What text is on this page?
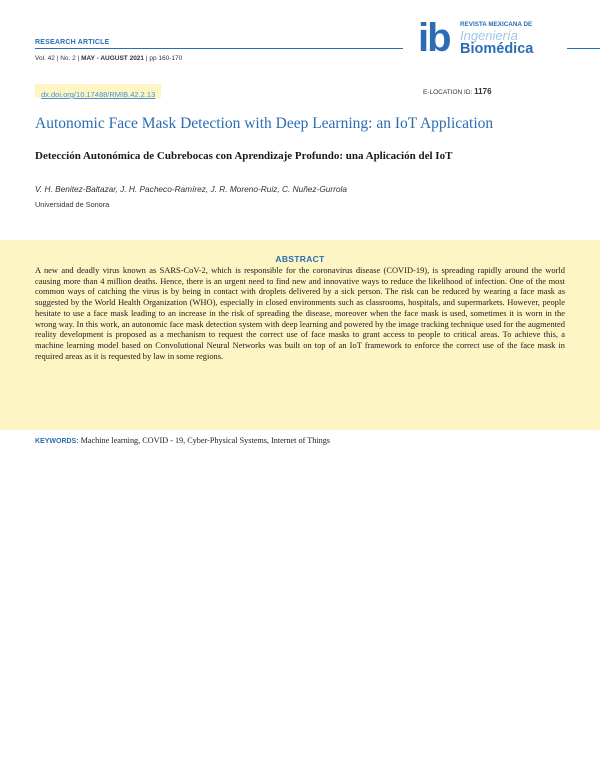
RESEARCH ARTICLE
Vol. 42 | No. 2 | MAY - AUGUST 2021 | pp 160-170	ib REVISTA MEXICANA DE
Ingeniería
Biomédica
dx.doi.org/10.17488/RMIB.42.2.13	E-LOCATION ID: 1176
Autonomic Face Mask Detection with Deep Learning: an IoT Application
Detección Autonómica de Cubrebocas con Aprendizaje Profundo: una Aplicación del IoT
V. H. Benitez-Baltazar, J. H. Pacheco-Ramírez, J. R. Moreno-Ruiz, C. Nuñez-Gurrola
Universidad de Sonora
ABSTRACT
A new and deadly virus known as SARS-CoV-2, which is responsible for the coronavirus disease (COVID-19), is spreading rapidly around the world causing more than 4 million deaths. Hence, there is an urgent need to find new and innovative ways to reduce the likelihood of infection. One of the most common ways of catching the virus is by being in contact with droplets delivered by a sick person. The risk can be reduced by wearing a face mask as suggested by the World Health Organization (WHO), especially in closed environments such as classrooms, hospitals, and supermarkets. However, people hesitate to use a face mask leading to an increase in the risk of spreading the disease, moreover when the face mask is used, sometimes it is worn in the wrong way. In this work, an autonomic face mask detection system with deep learning and powered by the image tracking technique used for the augmented reality development is proposed as a mechanism to request the correct use of face masks to grant access to people to critical areas. To achieve this, a machine learning model based on Convolutional Neural Networks was built on top of an IoT framework to enforce the correct use of the face mask in required areas as it is requested by law in some regions.
KEYWORDS: Machine learning, COVID - 19, Cyber-Physical Systems, Internet of Things
